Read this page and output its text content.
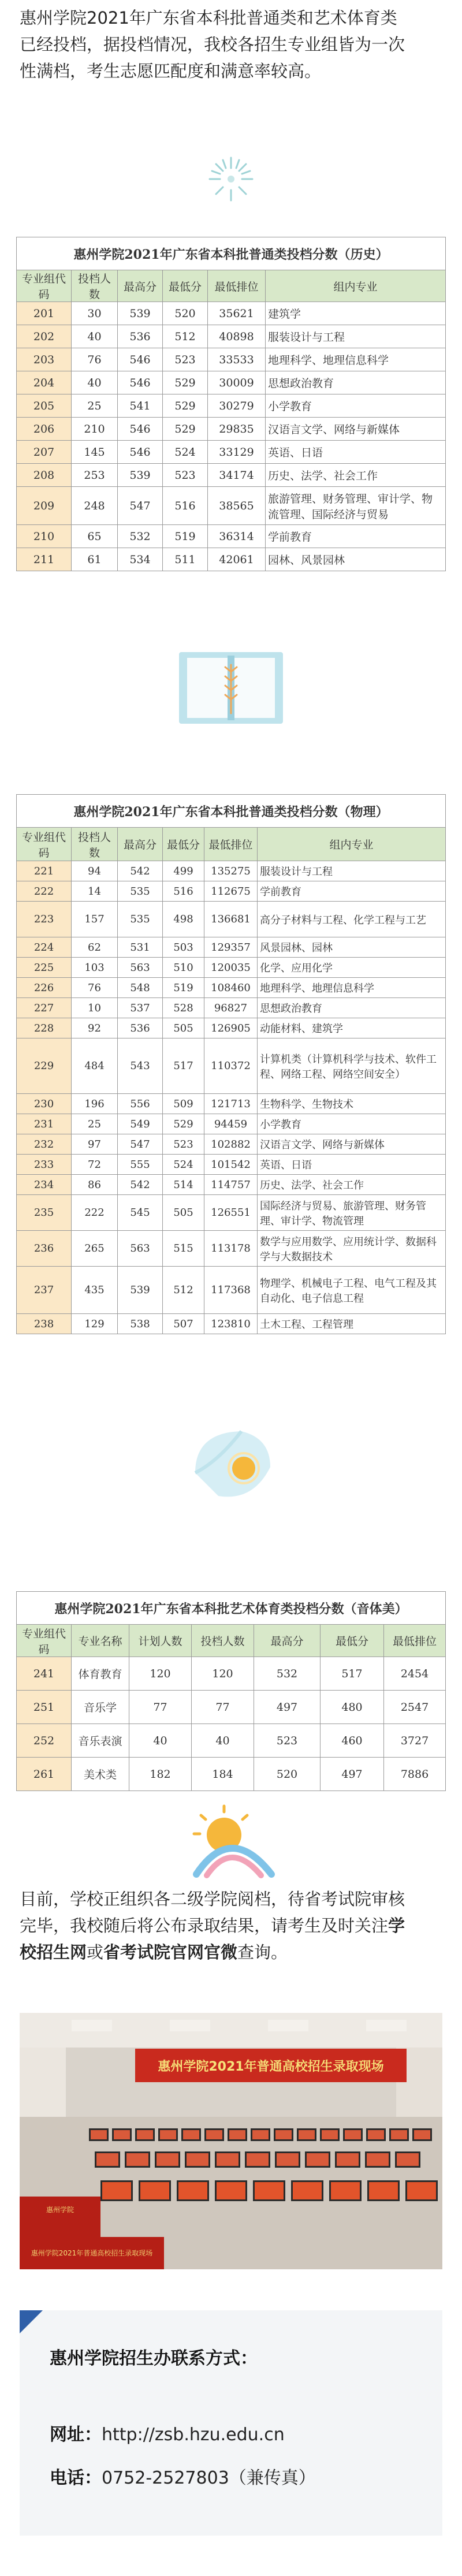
惠州学院2021年广东省本科批普通类和艺术体育类
已经投档，据投档情况，我校各招生专业组皆为一次
性满档，考生志愿匹配度和满意率较高。
惠州学院2021年广东省本科批普通类投档分数（历史）					
专业组代码	投档人数	最高分	最低分	最低排位	组内专业
201	30	539	520	35621	建筑学
202	40	536	512	40898	服装设计与工程
203	76	546	523	33533	地理科学、地理信息科学
204	40	546	529	30009	思想政治教育
205	25	541	529	30279	小学教育
206	210	546	529	29835	汉语言文学、网络与新媒体
207	145	546	524	33129	英语、日语
208	253	539	523	34174	历史、法学、社会工作
209	248	547	516	38565	旅游管理、财务管理、审计学、物流管理、国际经济与贸易
210	65	532	519	36314	学前教育
211	61	534	511	42061	园林、风景园林
惠州学院2021年广东省本科批普通类投档分数（物理）					
专业组代码	投档人数	最高分	最低分	最低排位	组内专业
221	94	542	499	135275	服装设计与工程
222	14	535	516	112675	学前教育
223	157	535	498	136681	高分子材料与工程、化学工程与工艺
224	62	531	503	129357	风景园林、园林
225	103	563	510	120035	化学、应用化学
226	76	548	519	108460	地理科学、地理信息科学
227	10	537	528	96827	思想政治教育
228	92	536	505	126905	动能材料、建筑学
229	484	543	517	110372	计算机类（计算机科学与技术、软件工程、网络工程、网络空间安全）
230	196	556	509	121713	生物科学、生物技术
231	25	549	529	94459	小学教育
232	97	547	523	102882	汉语言文学、网络与新媒体
233	72	555	524	101542	英语、日语
234	86	542	514	114757	历史、法学、社会工作
235	222	545	505	126551	国际经济与贸易、旅游管理、财务管理、审计学、物流管理
236	265	563	515	113178	数学与应用数学、应用统计学、数据科学与大数据技术
237	435	539	512	117368	物理学、机械电子工程、电气工程及其自动化、电子信息工程
238	129	538	507	123810	土木工程、工程管理
惠州学院2021年广东省本科批艺术体育类投档分数（音体美）						
专业组代码	专业名称	计划人数	投档人数	最高分	最低分	最低排位
241	体育教育	120	120	532	517	2454
251	音乐学	77	77	497	480	2547
252	音乐表演	40	40	523	460	3727
261	美术类	182	184	520	497	7886
目前，学校正组织各二级学院阅档，待省考试院审核
完毕，我校随后将公布录取结果，请考生及时关注学
校招生网或省考试院官网官微查询。
惠州学院2021年普通高校招生录取现场
惠州学院
惠州学院2021年普通高校招生录取现场
惠州学院招生办联系方式：
网址：http://zsb.hzu.edu.cn
电话：0752-2527803（兼传真）
